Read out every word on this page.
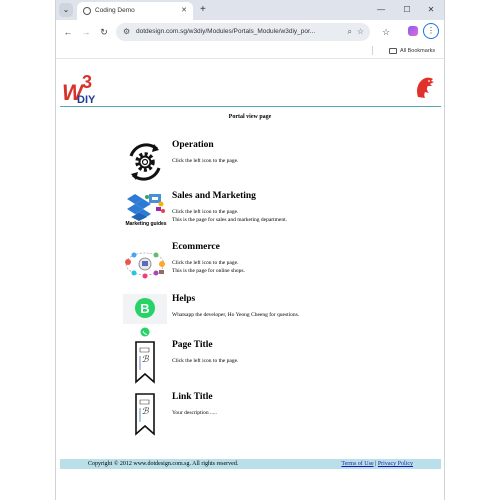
⌄	Coding Demo	✕ +	—	☐	✕
←	→	↻	⚙ dotdesign.com.sg/w3diy/Modules/Portals_Module/w3diy_por...	⌕ ☆	☆	⋮
All Bookmarks
W 3
DIY
Portal view page
Operation
Click the left icon to the page.
Marketing guides
Sales and Marketing
Click the left icon to the page.
This is the page for sales and marketing department.
Ecommerce
Click the left icon to the page.
This is the page for online shops.
B
Helps
Whatsapp the developer, Ho Yeong Cheeng for questions.
ℬ
Page Title
Click the left icon to the page.
ℬ
Link Title
Your description .....
Copyright © 2012 www.dotdesign.com.sg. All rights reserved.	Terms of Use | Privacy Policy
